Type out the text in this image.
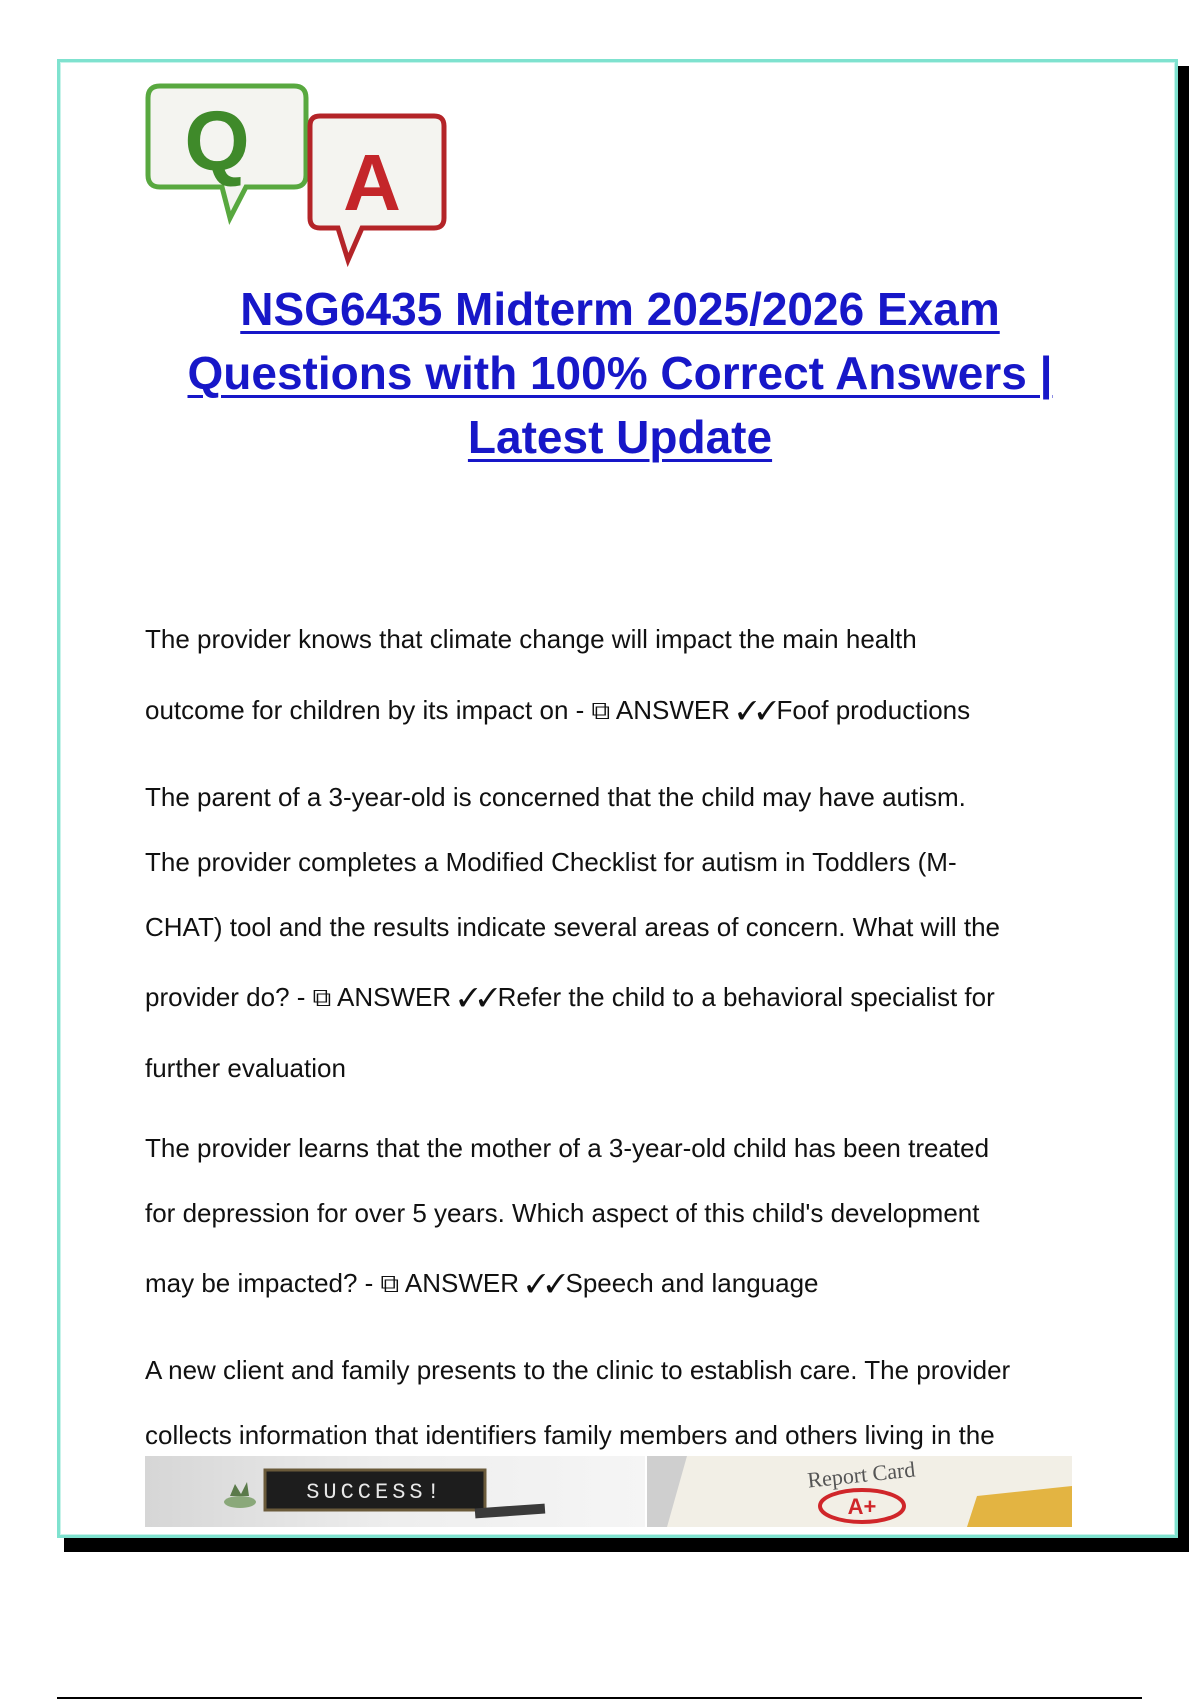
Q A
NSG6435 Midterm 2025/2026 Exam
Questions with 100% Correct Answers |
Latest Update
The provider knows that climate change will impact the main health
outcome for children by its impact on - ⧉ ANSWER ✓✓Foof productions
The parent of a 3-year-old is concerned that the child may have autism.
The provider completes a Modified Checklist for autism in Toddlers (M-
CHAT) tool and the results indicate several areas of concern. What will the
provider do? - ⧉ ANSWER ✓✓Refer the child to a behavioral specialist for
further evaluation
The provider learns that the mother of a 3-year-old child has been treated
for depression for over 5 years. Which aspect of this child's development
may be impacted? - ⧉ ANSWER ✓✓Speech and language
A new client and family presents to the clinic to establish care. The provider
collects information that identifiers family members and others living in the
SUCCESS!	Report Card
A+
